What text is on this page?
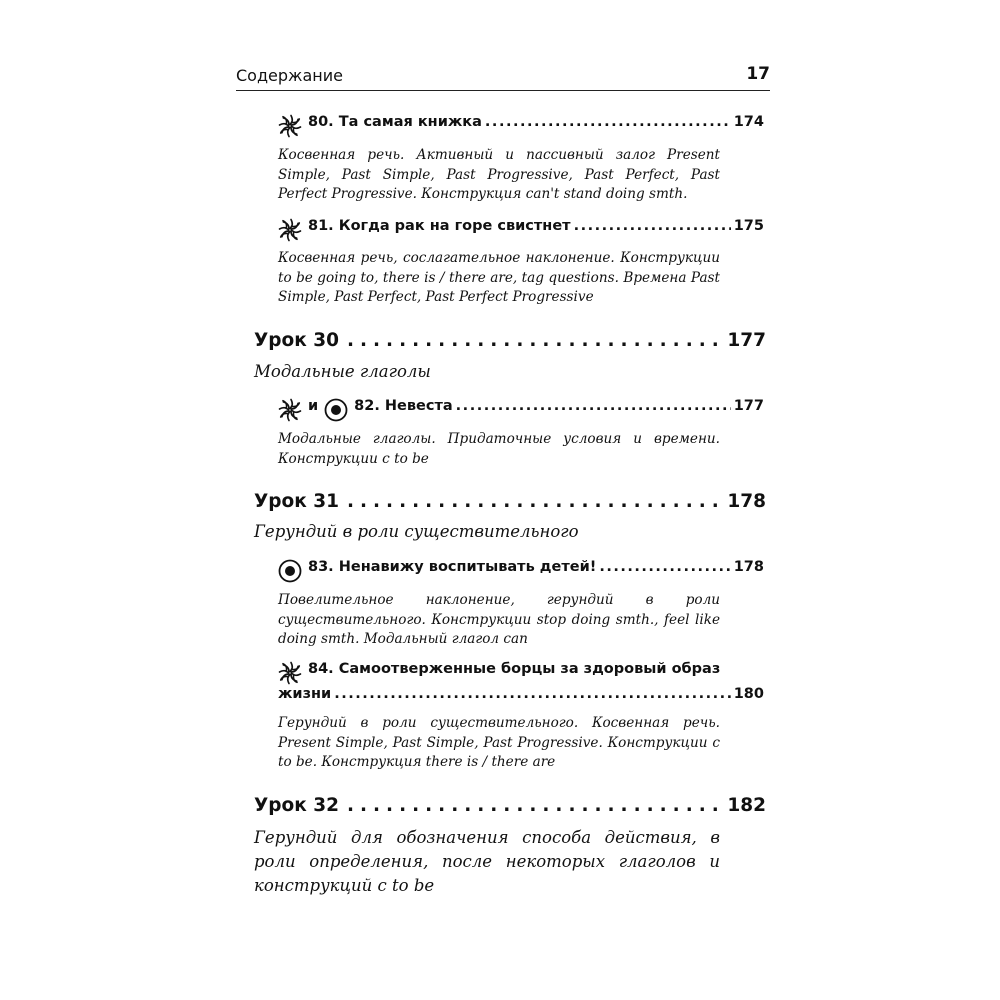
Содержание	17
80. Та самая книжка .....	174
Косвенная речь. Активный и пассивный залог Present Simple, Past Simple, Past Progressive, Past Perfect, Past Perfect Progressive. Конструкция can't stand doing smth.
81. Когда рак на горе свистнет .....	175
Косвенная речь, сослагательное наклонение. Конструкции to be going to, there is / there are, tag questions. Времена Past Simple, Past Perfect, Past Perfect Progressive
Урок 30 .....	177
Модальные глаголы
и 82. Невеста .....	177
Модальные глаголы. Придаточные условия и времени. Конструкции с to be
Урок 31 .....	178
Герундий в роли существительного
83. Ненавижу воспитывать детей! .....	178
Повелительное наклонение, герундий в роли существительного. Конструкции stop doing smth., feel like doing smth. Модальный глагол can
84. Самоотверженные борцы за здоровый образ
жизни .....	180
Герундий в роли существительного. Косвенная речь. Present Simple, Past Simple, Past Progressive. Конструкции с to be. Конструкция there is / there are
Урок 32 .....	182
Герундий для обозначения способа действия, в роли определения, после некоторых глаголов и конструкций с to be
